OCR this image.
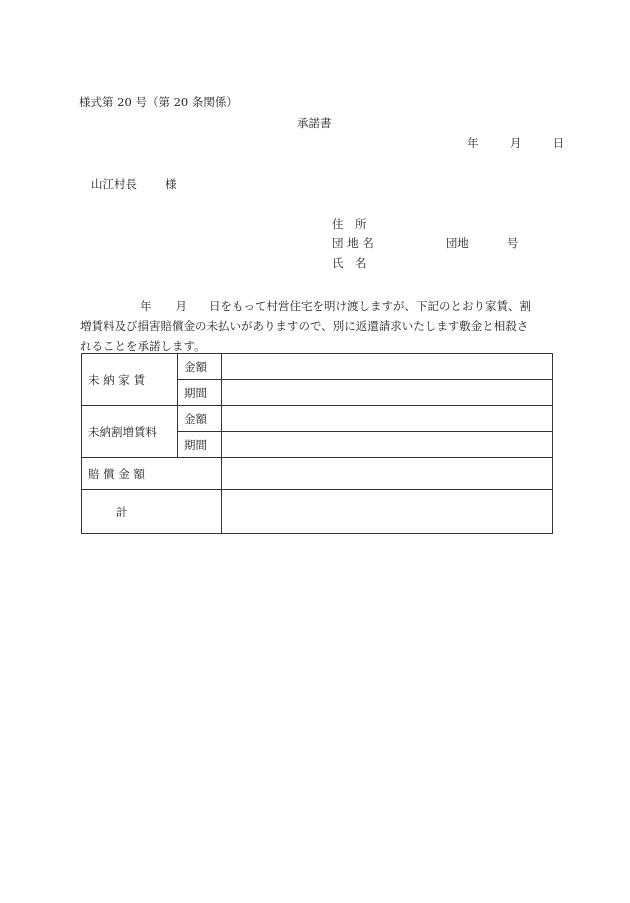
様式第 20 号（第 20 条関係）
承諾書
年	月	日
山江村長 様
住　所
団 地 名	団地	号
氏　名
年 月 日をもって村営住宅を明け渡しますが、下記のとおり家賃、割
増賃料及び損害賠償金の未払いがありますので、別に返還請求いたします敷金と相殺さ
れることを承諾します。
未 納 家 賃	金額	
	期間	
未納割増賃料	金額	
	期間	
賠 償 金 額		
計		
